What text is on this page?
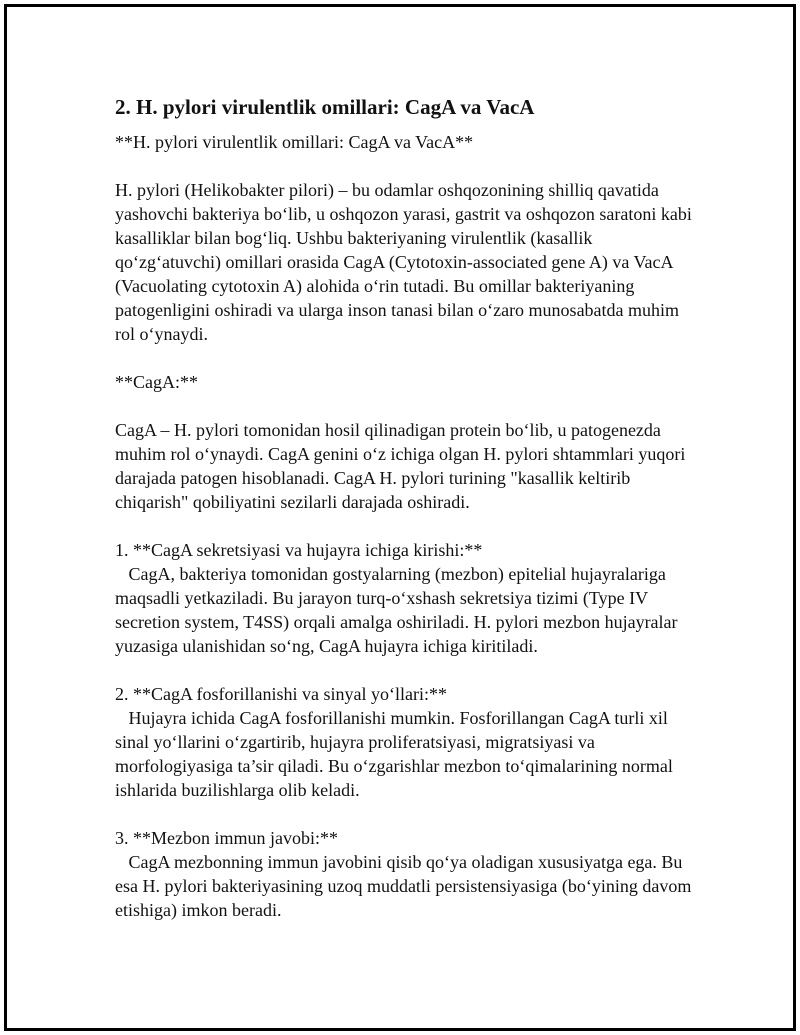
2. H. pylori virulentlik omillari: CagA va VacA

**H. pylori virulentlik omillari: CagA va VacA**

H. pylori (Helikobakter pilori) – bu odamlar oshqozonining shilliq qavatida yashovchi bakteriya bo‘lib, u oshqozon yarasi, gastrit va oshqozon saratoni kabi kasalliklar bilan bog‘liq. Ushbu bakteriyaning virulentlik (kasallik qo‘zg‘atuvchi) omillari orasida CagA (Cytotoxin-associated gene A) va VacA (Vacuolating cytotoxin A) alohida o‘rin tutadi. Bu omillar bakteriyaning patogenligini oshiradi va ularga inson tanasi bilan o‘zaro munosabatda muhim rol o‘ynaydi.

**CagA:**

CagA – H. pylori tomonidan hosil qilinadigan protein bo‘lib, u patogenezda muhim rol o‘ynaydi. CagA genini o‘z ichiga olgan H. pylori shtammlari yuqori darajada patogen hisoblanadi. CagA H. pylori turining "kasallik keltirib chiqarish" qobiliyatini sezilarli darajada oshiradi.

1. **CagA sekretsiyasi va hujayra ichiga kirishi:**

CagA, bakteriya tomonidan gostyalarning (mezbon) epitelial hujayralariga maqsadli yetkaziladi. Bu jarayon turq-o‘xshash sekretsiya tizimi (Type IV secretion system, T4SS) orqali amalga oshiriladi. H. pylori mezbon hujayralar yuzasiga ulanishidan so‘ng, CagA hujayra ichiga kiritiladi.

2. **CagA fosforillanishi va sinyal yo‘llari:**

Hujayra ichida CagA fosforillanishi mumkin. Fosforillangan CagA turli xil sinal yo‘llarini o‘zgartirib, hujayra proliferatsiyasi, migratsiyasi va morfologiyasiga ta’sir qiladi. Bu o‘zgarishlar mezbon to‘qimalarining normal ishlarida buzilishlarga olib keladi.

3. **Mezbon immun javobi:**

CagA mezbonning immun javobini qisib qo‘ya oladigan xususiyatga ega. Bu esa H. pylori bakteriyasining uzoq muddatli persistensiyasiga (bo‘yining davom etishiga) imkon beradi.
